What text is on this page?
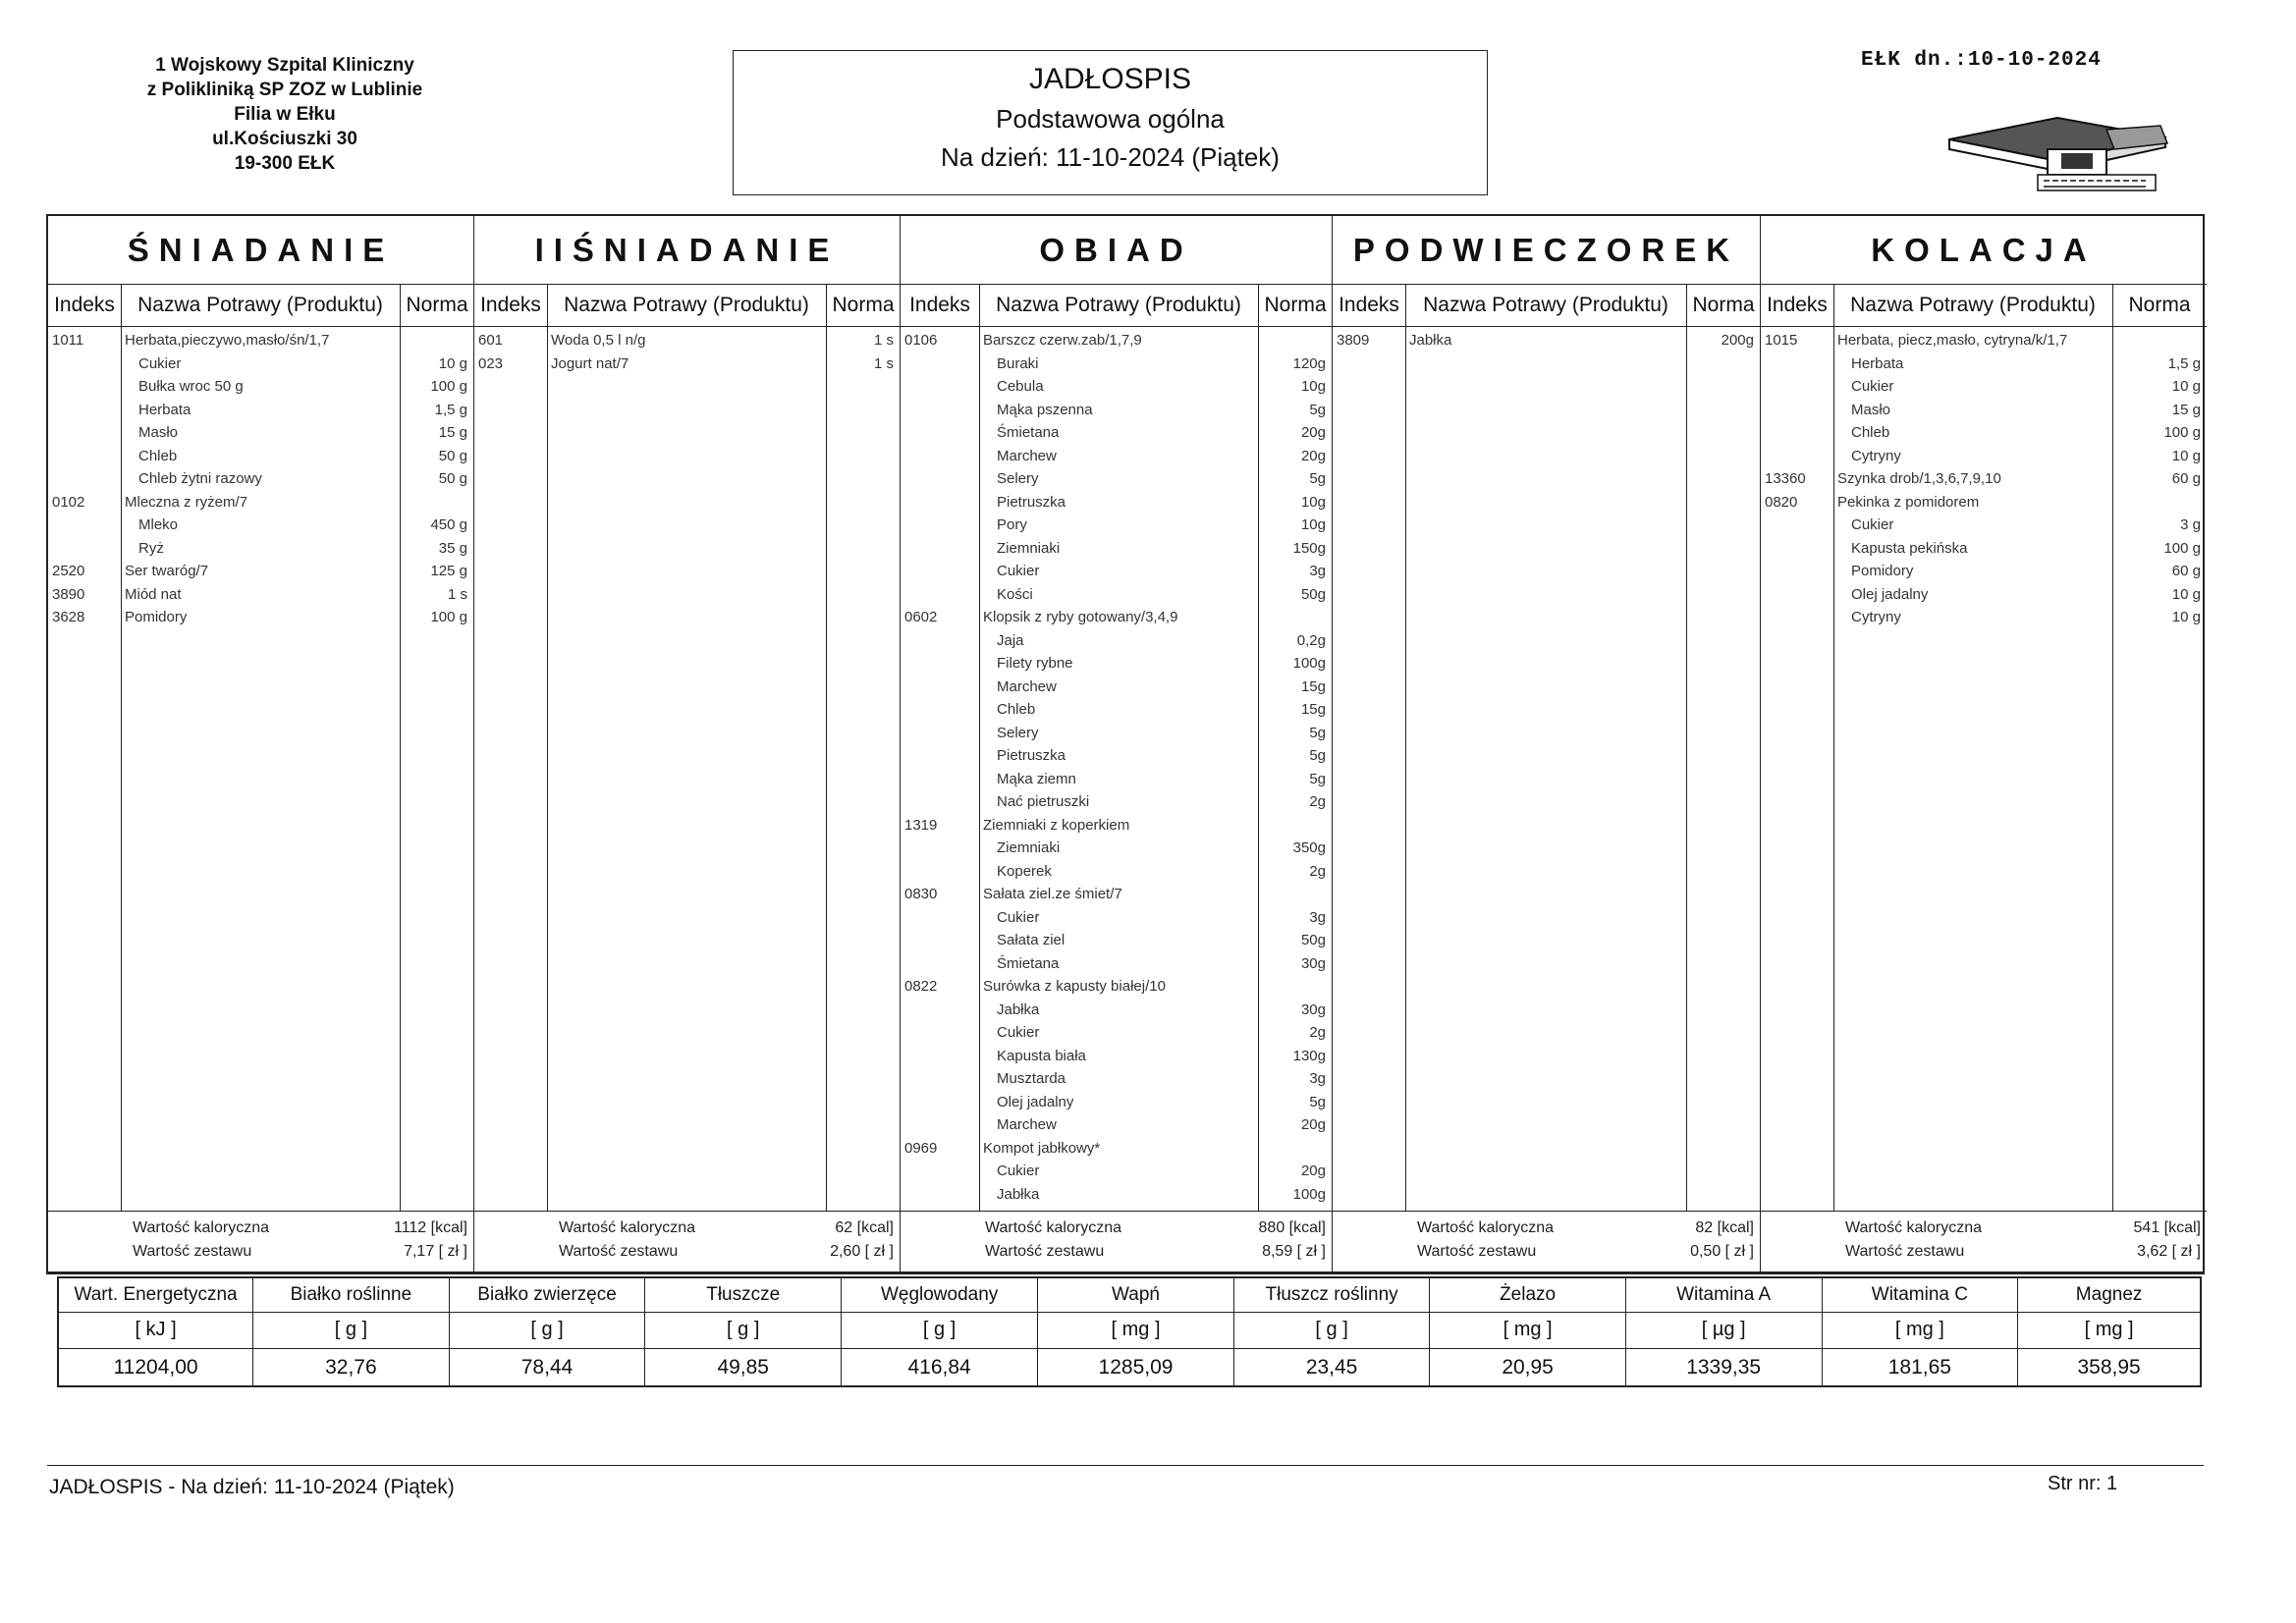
1 Wojskowy Szpital Kliniczny
z Polikliniką SP ZOZ w Lublinie
Filia w Ełku
ul.Kościuszki 30
19-300 EŁK
JADŁOSPIS
Podstawowa ogólna
Na dzień: 11-10-2024 (Piątek)
EŁK dn.:10-10-2024
ŚNIADANIE
Indeks	Nazwa Potrawy (Produktu)	Norma
1011	Herbata,pieczywo,masło/śn/1,7
Cukier	10 g
Bułka wroc 50 g	100 g
Herbata	1,5 g
Masło	15 g
Chleb	50 g
Chleb żytni razowy	50 g
0102	Mleczna z ryżem/7
Mleko	450 g
Ryż	35 g
2520	Ser twaróg/7	125 g
3890	Miód nat	1 s
3628	Pomidory	100 g
Wartość kaloryczna	1112 [kcal]
Wartość zestawu	7,17 [ zł ]
IIŚNIADANIE
Indeks	Nazwa Potrawy (Produktu)	Norma
601	Woda 0,5 l n/g	1 s
023	Jogurt nat/7	1 s
Wartość kaloryczna	62 [kcal]
Wartość zestawu	2,60 [ zł ]
OBIAD
Indeks	Nazwa Potrawy (Produktu)	Norma
0106	Barszcz czerw.zab/1,7,9
Buraki	120g
Cebula	10g
Mąka pszenna	5g
Śmietana	20g
Marchew	20g
Selery	5g
Pietruszka	10g
Pory	10g
Ziemniaki	150g
Cukier	3g
Kości	50g
0602	Klopsik z ryby gotowany/3,4,9
Jaja	0,2g
Filety rybne	100g
Marchew	15g
Chleb	15g
Selery	5g
Pietruszka	5g
Mąka ziemn	5g
Nać pietruszki	2g
1319	Ziemniaki z koperkiem
Ziemniaki	350g
Koperek	2g
0830	Sałata ziel.ze śmiet/7
Cukier	3g
Sałata ziel	50g
Śmietana	30g
0822	Surówka z kapusty białej/10
Jabłka	30g
Cukier	2g
Kapusta biała	130g
Musztarda	3g
Olej jadalny	5g
Marchew	20g
0969	Kompot jabłkowy*
Cukier	20g
Jabłka	100g
Wartość kaloryczna	880 [kcal]
Wartość zestawu	8,59 [ zł ]
PODWIECZOREK
Indeks	Nazwa Potrawy (Produktu)	Norma
3809	Jabłka	200g
Wartość kaloryczna	82 [kcal]
Wartość zestawu	0,50 [ zł ]
KOLACJA
Indeks	Nazwa Potrawy (Produktu)	Norma
1015	Herbata, piecz,masło, cytryna/k/1,7
Herbata	1,5 g
Cukier	10 g
Masło	15 g
Chleb	100 g
Cytryny	10 g
13360 Szynka drob/1,3,6,7,9,10	60 g
0820	Pekinka z pomidorem
Cukier	3 g
Kapusta pekińska	100 g
Pomidory	60 g
Olej jadalny	10 g
Cytryny	10 g
Wartość kaloryczna	541 [kcal]
Wartość zestawu	3,62 [ zł ]
Wart. Energetyczna	Białko roślinne	Białko zwierzęce	Tłuszcze	Węglowodany	Wapń	Tłuszcz roślinny	Żelazo	Witamina A	Witamina C	Magnez
[ kJ ]	[ g ]	[ g ]	[ g ]	[ g ]	[ mg ]	[ g ]	[ mg ]	[ µg ]	[ mg ]	[ mg ]
11204,00	32,76	78,44	49,85	416,84	1285,09	23,45	20,95	1339,35	181,65	358,95
JADŁOSPIS - Na dzień: 11-10-2024 (Piątek)	Str nr: 1
